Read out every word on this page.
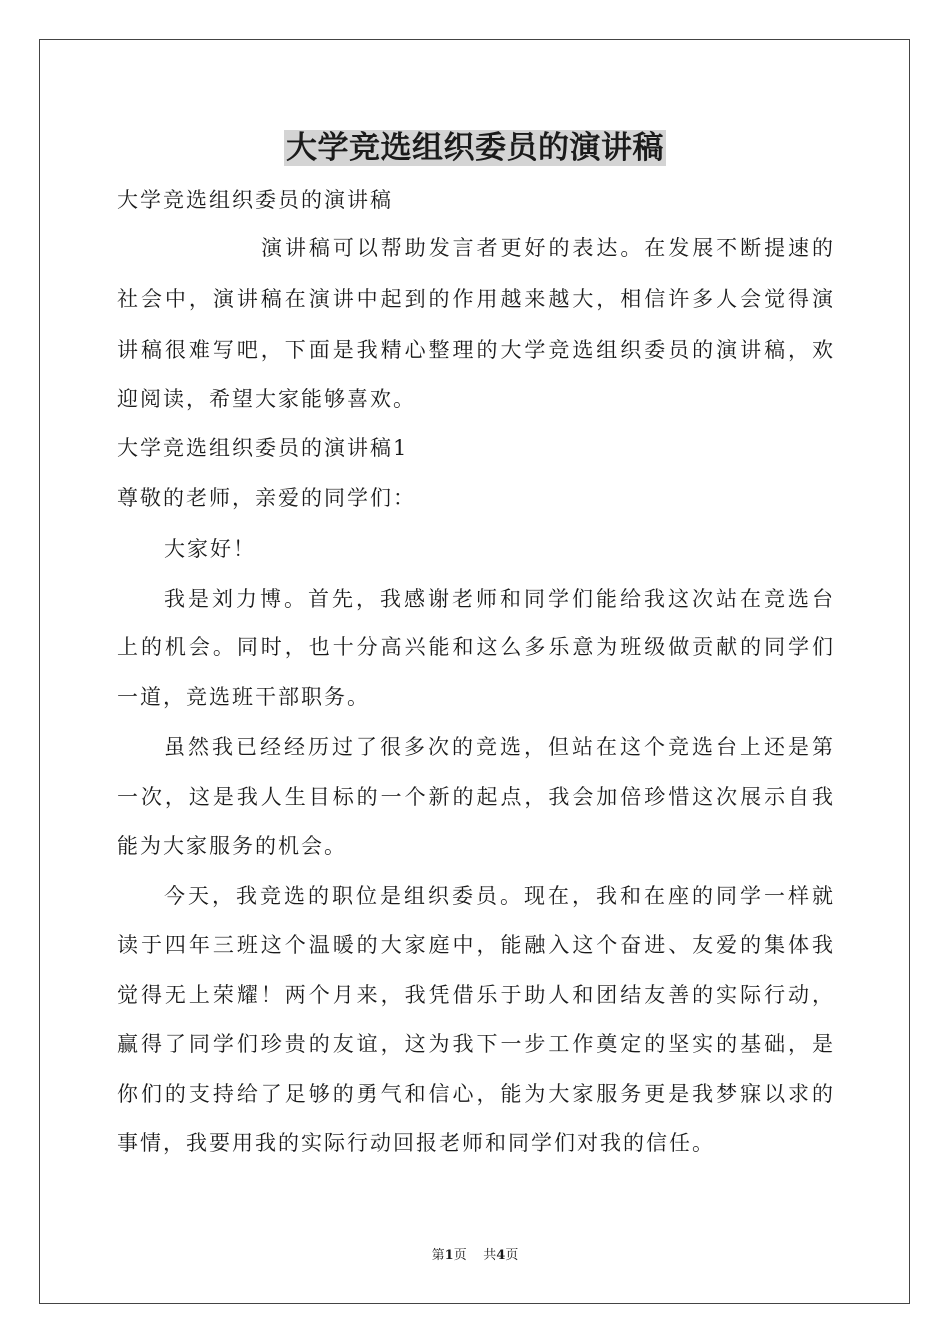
大学竞选组织委员的演讲稿
大学竞选组织委员的演讲稿
演讲稿可以帮助发言者更好的表达。在发展不断提速的
社会中，演讲稿在演讲中起到的作用越来越大，相信许多人会觉得演
讲稿很难写吧，下面是我精心整理的大学竞选组织委员的演讲稿，欢
迎阅读，希望大家能够喜欢。
大学竞选组织委员的演讲稿1
尊敬的老师，亲爱的同学们：
大家好！
我是刘力博。首先，我感谢老师和同学们能给我这次站在竞选台
上的机会。同时，也十分高兴能和这么多乐意为班级做贡献的同学们
一道，竞选班干部职务。
虽然我已经经历过了很多次的竞选，但站在这个竞选台上还是第
一次，这是我人生目标的一个新的起点，我会加倍珍惜这次展示自我
能为大家服务的机会。
今天，我竞选的职位是组织委员。现在，我和在座的同学一样就
读于四年三班这个温暖的大家庭中，能融入这个奋进、友爱的集体我
觉得无上荣耀！两个月来，我凭借乐于助人和团结友善的实际行动，
赢得了同学们珍贵的友谊，这为我下一步工作奠定的坚实的基础，是
你们的支持给了足够的勇气和信心，能为大家服务更是我梦寐以求的
事情，我要用我的实际行动回报老师和同学们对我的信任。
第1页 共4页
